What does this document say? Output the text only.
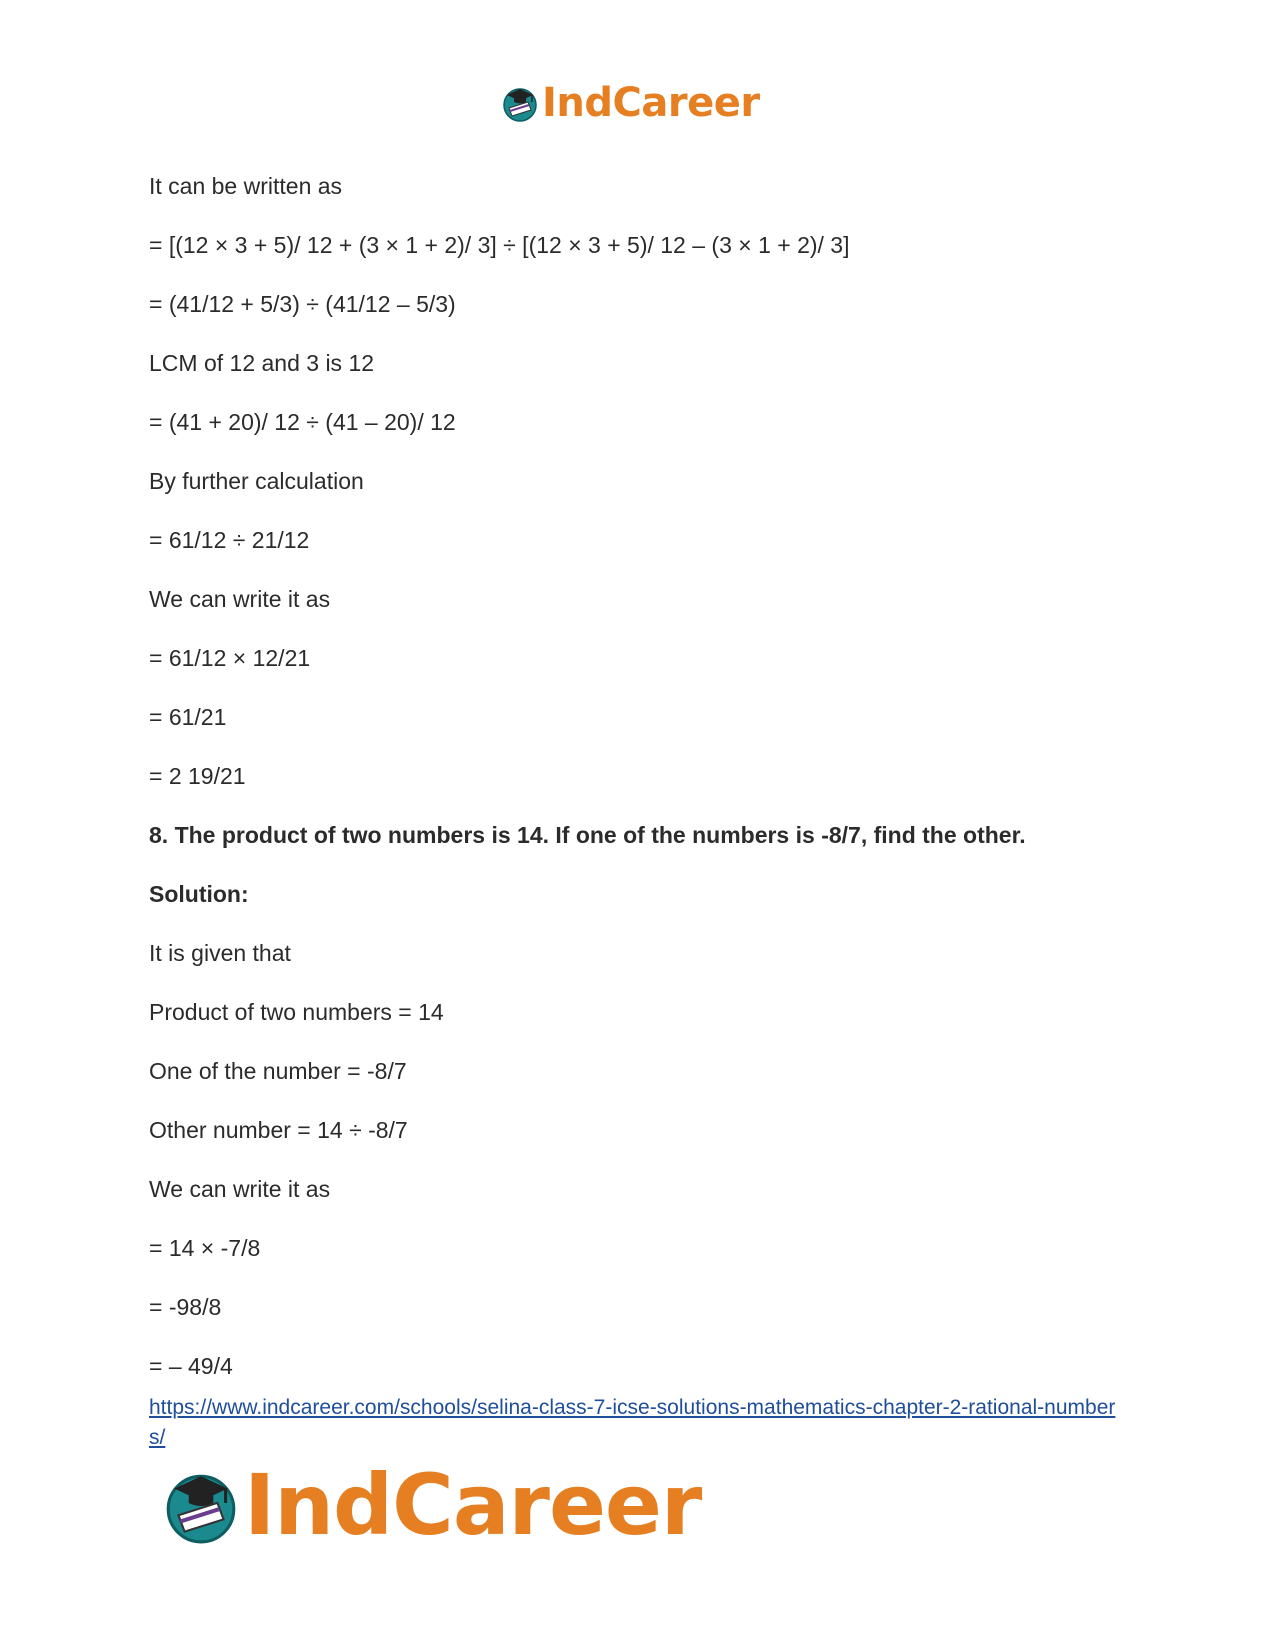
IndCareer
It can be written as
= [(12 × 3 + 5)/ 12 + (3 × 1 + 2)/ 3] ÷ [(12 × 3 + 5)/ 12 – (3 × 1 + 2)/ 3]
= (41/12 + 5/3) ÷ (41/12 – 5/3)
LCM of 12 and 3 is 12
= (41 + 20)/ 12 ÷ (41 – 20)/ 12
By further calculation
= 61/12 ÷ 21/12
We can write it as
= 61/12 × 12/21
= 61/21
= 2 19/21
8. The product of two numbers is 14. If one of the numbers is -8/7, find the other.
Solution:
It is given that
Product of two numbers = 14
One of the number = -8/7
Other number = 14 ÷ -8/7
We can write it as
= 14 × -7/8
= -98/8
= – 49/4
https://www.indcareer.com/schools/selina-class-7-icse-solutions-mathematics-chapter-2-rational-numbers/
IndCareer
